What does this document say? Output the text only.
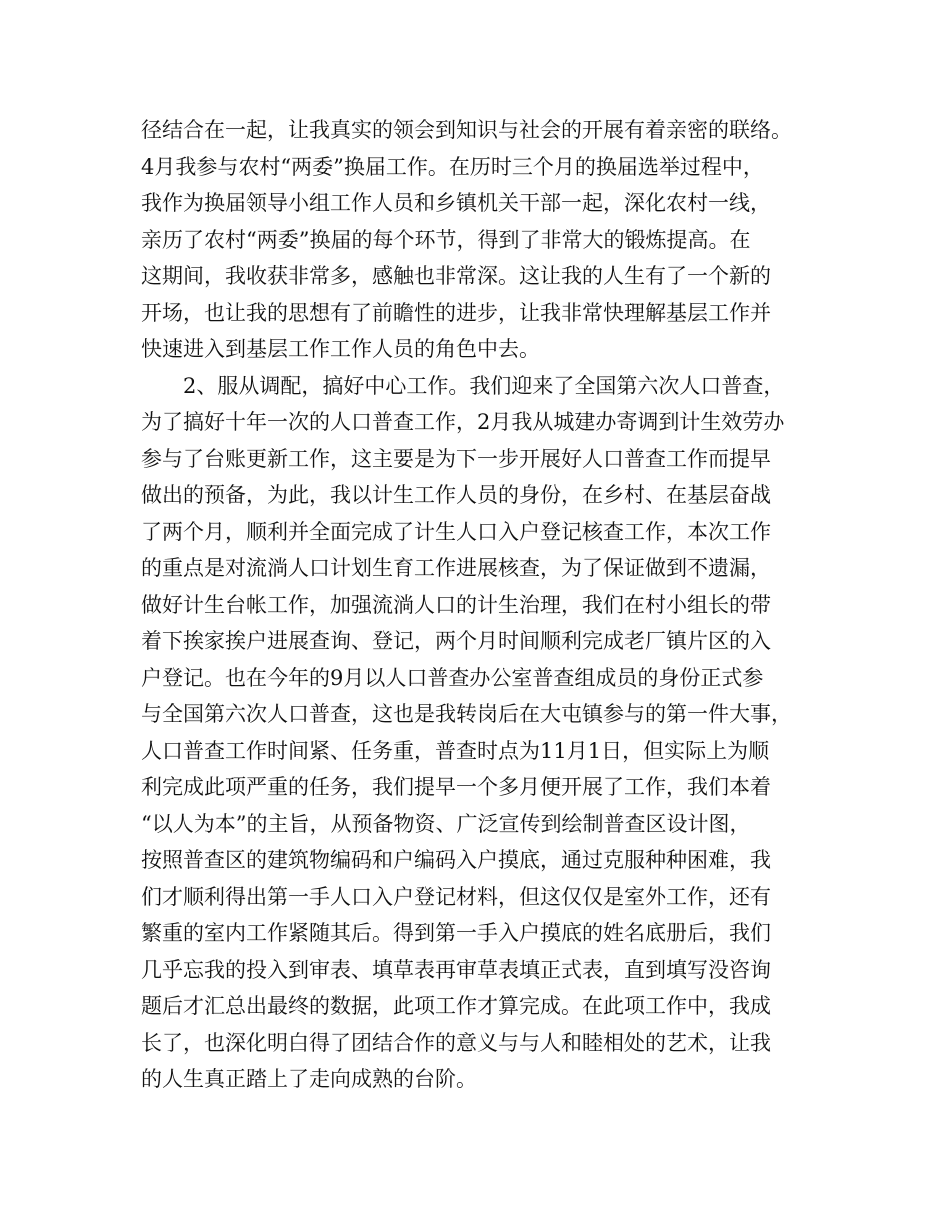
径结合在一起，让我真实的领会到知识与社会的开展有着亲密的联络。

4月我参与农村“两委”换届工作。在历时三个月的换届选举过程中，

我作为换届领导小组工作人员和乡镇机关干部一起，深化农村一线，

亲历了农村“两委”换届的每个环节，得到了非常大的锻炼提高。在

这期间，我收获非常多，感触也非常深。这让我的人生有了一个新的

开场，也让我的思想有了前瞻性的进步，让我非常快理解基层工作并

快速进入到基层工作工作人员的角色中去。

2、服从调配，搞好中心工作。我们迎来了全国第六次人口普查，

为了搞好十年一次的人口普查工作，2月我从城建办寄调到计生效劳办

参与了台账更新工作，这主要是为下一步开展好人口普查工作而提早

做出的预备，为此，我以计生工作人员的身份，在乡村、在基层奋战

了两个月，顺利并全面完成了计生人口入户登记核查工作，本次工作

的重点是对流淌人口计划生育工作进展核查，为了保证做到不遗漏，

做好计生台帐工作，加强流淌人口的计生治理，我们在村小组长的带

着下挨家挨户进展查询、登记，两个月时间顺利完成老厂镇片区的入

户登记。也在今年的9月以人口普查办公室普查组成员的身份正式参

与全国第六次人口普查，这也是我转岗后在大屯镇参与的第一件大事，

人口普查工作时间紧、任务重，普查时点为11月1日，但实际上为顺

利完成此项严重的任务，我们提早一个多月便开展了工作，我们本着

“以人为本”的主旨，从预备物资、广泛宣传到绘制普查区设计图，

按照普查区的建筑物编码和户编码入户摸底，通过克服种种困难，我

们才顺利得出第一手人口入户登记材料，但这仅仅是室外工作，还有

繁重的室内工作紧随其后。得到第一手入户摸底的姓名底册后，我们

几乎忘我的投入到审表、填草表再审草表填正式表，直到填写没咨询

题后才汇总出最终的数据，此项工作才算完成。在此项工作中，我成

长了，也深化明白得了团结合作的意义与与人和睦相处的艺术，让我

的人生真正踏上了走向成熟的台阶。
